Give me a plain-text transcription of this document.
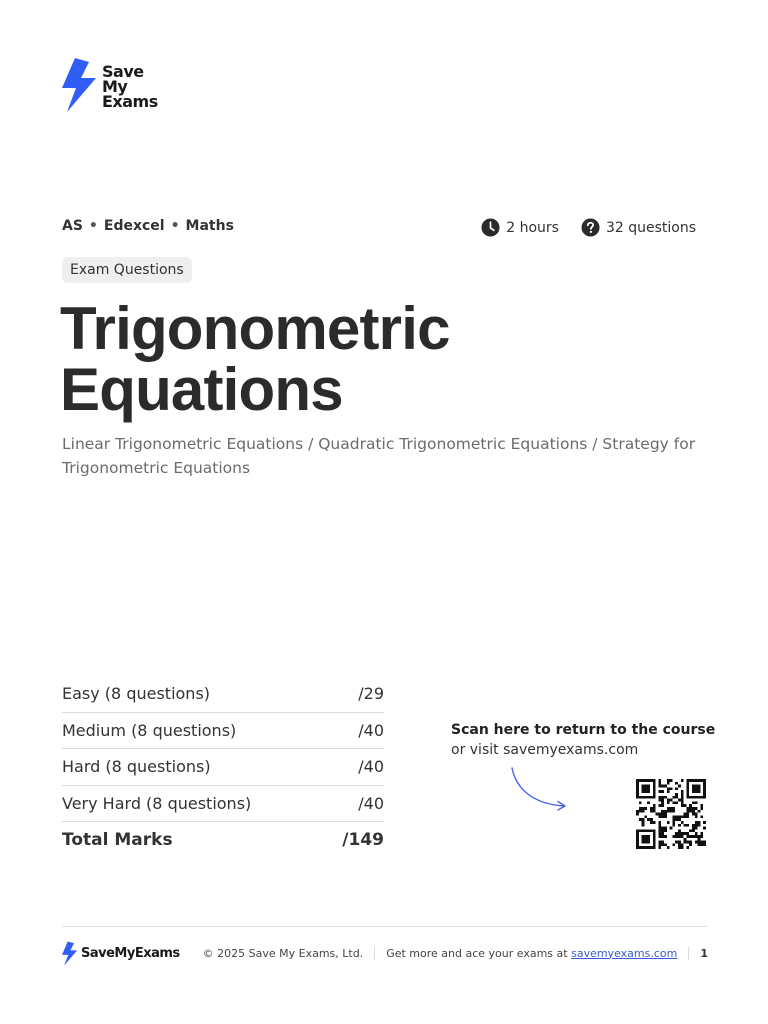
Save
My
Exams
AS • Edexcel • Maths	2 hours	32 questions
Exam Questions
Trigonometric
Equations

Linear Trigonometric Equations / Quadratic Trigonometric Equations / Strategy for Trigonometric Equations

Easy (8 questions)	/29
Medium (8 questions)	/40
Hard (8 questions)	/40
Very Hard (8 questions)	/40
Total Marks	/149
Scan here to return to the course
or visit savemyexams.com
SaveMyExams © 2025 Save My Exams, Ltd. Get more and ace your exams at savemyexams.com 1
